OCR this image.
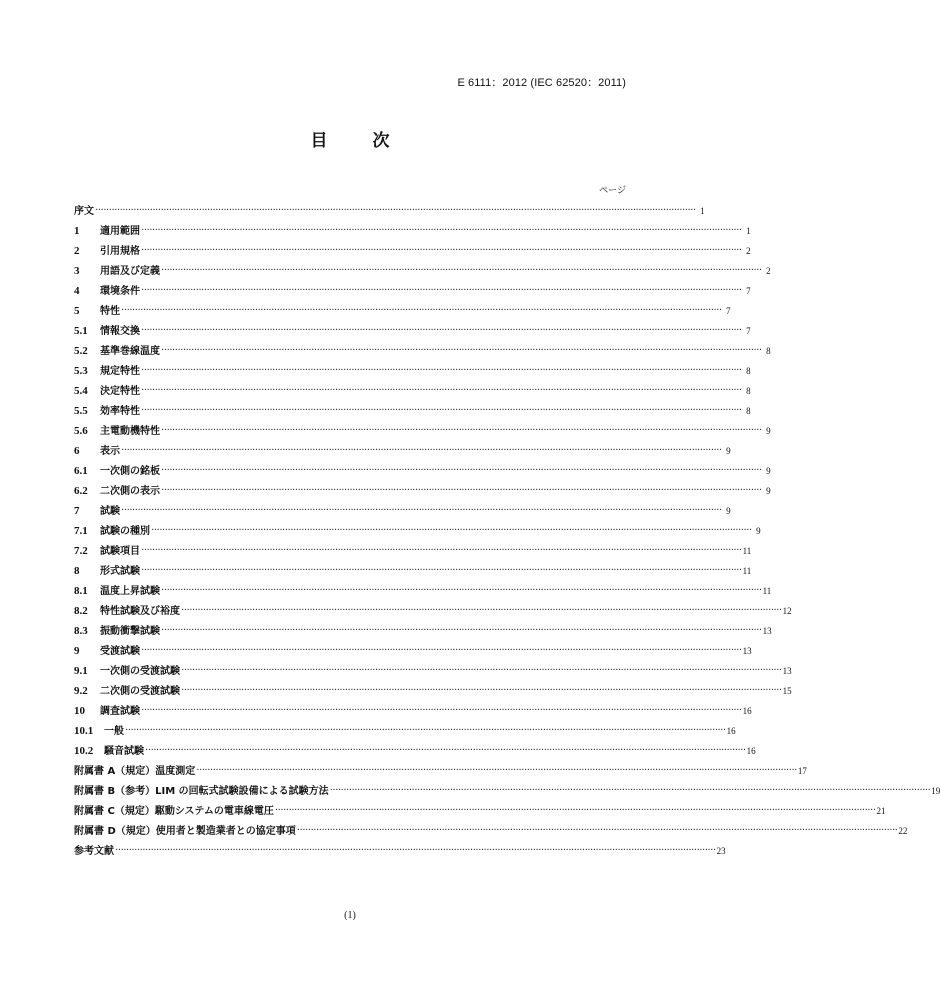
E 6111：2012 (IEC 62520：2011)
目　次
ページ
序文 ···························································································································································································································· 1
1	適用範囲 ···························································································································································································································· 1
2	引用規格 ···························································································································································································································· 2
3	用語及び定義 ···························································································································································································································· 2
4	環境条件 ···························································································································································································································· 7
5	特性 ···························································································································································································································· 7
5.1	情報交換 ···························································································································································································································· 7
5.2	基準巻線温度 ···························································································································································································································· 8
5.3	規定特性 ···························································································································································································································· 8
5.4	決定特性 ···························································································································································································································· 8
5.5	効率特性 ···························································································································································································································· 8
5.6	主電動機特性 ···························································································································································································································· 9
6	表示 ···························································································································································································································· 9
6.1	一次側の銘板 ···························································································································································································································· 9
6.2	二次側の表示 ···························································································································································································································· 9
7	試験 ···························································································································································································································· 9
7.1	試験の種別 ···························································································································································································································· 9
7.2	試験項目 ···························································································································································································································· 11
8	形式試験 ···························································································································································································································· 11
8.1	温度上昇試験 ···························································································································································································································· 11
8.2	特性試験及び裕度 ···························································································································································································································· 12
8.3	振動衝撃試験 ···························································································································································································································· 13
9	受渡試験 ···························································································································································································································· 13
9.1	一次側の受渡試験 ···························································································································································································································· 13
9.2	二次側の受渡試験 ···························································································································································································································· 15
10	調査試験 ···························································································································································································································· 16
10.1	一般 ···························································································································································································································· 16
10.2	騒音試験 ···························································································································································································································· 16
附属書 A（規定）温度測定 ···························································································································································································································· 17
附属書 B（参考）LIM の回転式試験設備による試験方法 ···························································································································································································································· 19
附属書 C（規定）駆動システムの電車線電圧 ···························································································································································································································· 21
附属書 D（規定）使用者と製造業者との協定事項 ···························································································································································································································· 22
参考文献 ···························································································································································································································· 23
(1)
